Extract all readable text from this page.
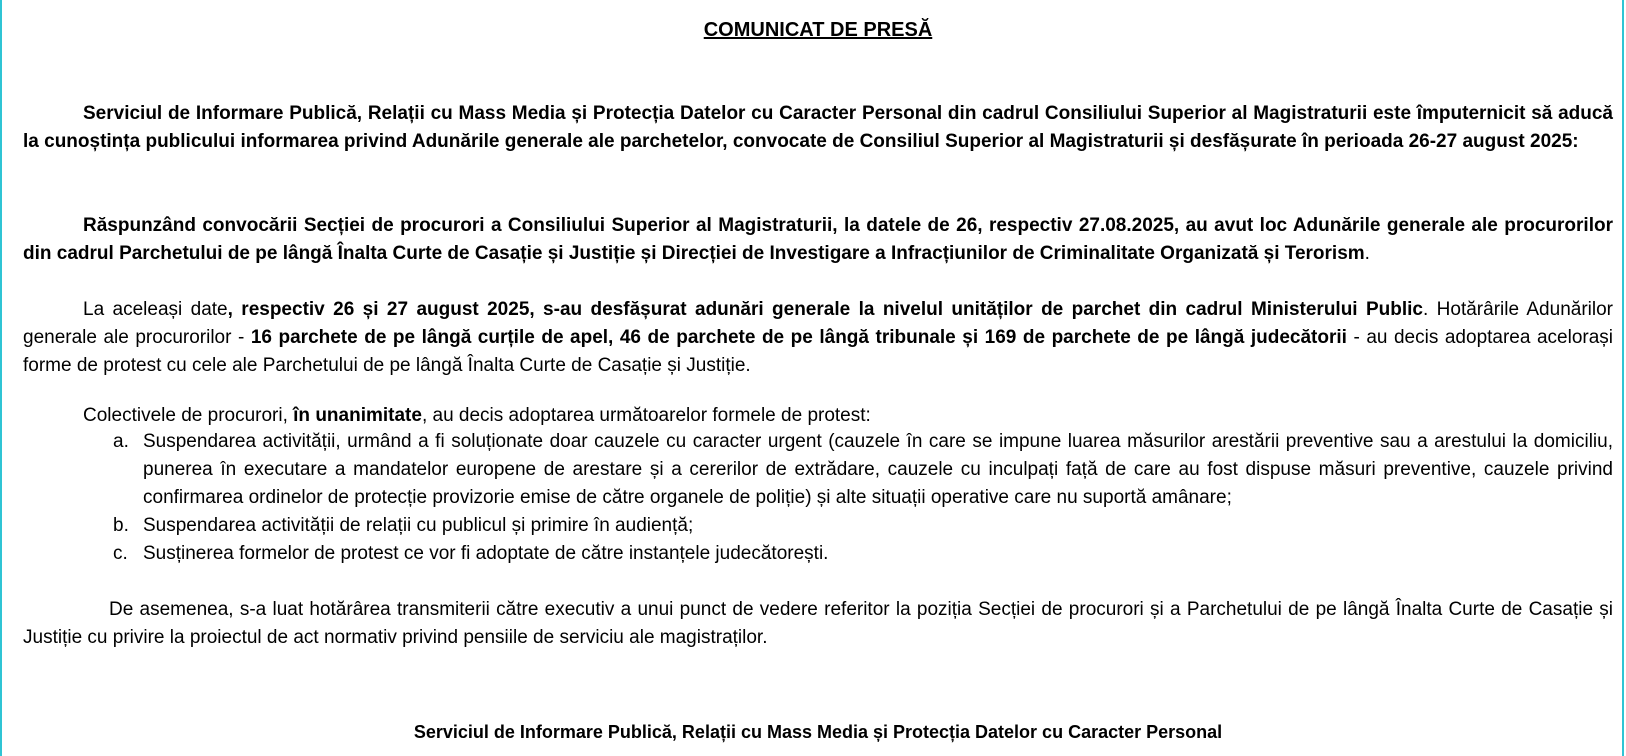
COMUNICAT DE PRESĂ
Serviciul de Informare Publică, Relații cu Mass Media și Protecția Datelor cu Caracter Personal din cadrul Consiliului Superior al Magistraturii este împuternicit să aducă la cunoștința publicului informarea privind Adunările generale ale parchetelor, convocate de Consiliul Superior al Magistraturii și desfășurate în perioada 26-27 august 2025:
Răspunzând convocării Secției de procurori a Consiliului Superior al Magistraturii, la datele de 26, respectiv 27.08.2025, au avut loc Adunările generale ale procurorilor din cadrul Parchetului de pe lângă Înalta Curte de Casație și Justiție și Direcției de Investigare a Infracțiunilor de Criminalitate Organizată și Terorism.
La aceleași date, respectiv 26 și 27 august 2025, s-au desfășurat adunări generale la nivelul unităților de parchet din cadrul Ministerului Public. Hotărârile Adunărilor generale ale procurorilor - 16 parchete de pe lângă curțile de apel, 46 de parchete de pe lângă tribunale și 169 de parchete de pe lângă judecătorii - au decis adoptarea acelorași forme de protest cu cele ale Parchetului de pe lângă Înalta Curte de Casație și Justiție.
Colectivele de procurori, în unanimitate, au decis adoptarea următoarelor formele de protest:
a. Suspendarea activității, urmând a fi soluționate doar cauzele cu caracter urgent (cauzele în care se impune luarea măsurilor arestării preventive sau a arestului la domiciliu, punerea în executare a mandatelor europene de arestare și a cererilor de extrădare, cauzele cu inculpați față de care au fost dispuse măsuri preventive, cauzele privind confirmarea ordinelor de protecție provizorie emise de către organele de poliție) și alte situații operative care nu suportă amânare;
b. Suspendarea activității de relații cu publicul și primire în audiență;
c. Susținerea formelor de protest ce vor fi adoptate de către instanțele judecătorești.
De asemenea, s-a luat hotărârea transmiterii către executiv a unui punct de vedere referitor la poziția Secției de procurori și a Parchetului de pe lângă Înalta Curte de Casație și Justiție cu privire la proiectul de act normativ privind pensiile de serviciu ale magistraților.
Serviciul de Informare Publică, Relații cu Mass Media și Protecția Datelor cu Caracter Personal
